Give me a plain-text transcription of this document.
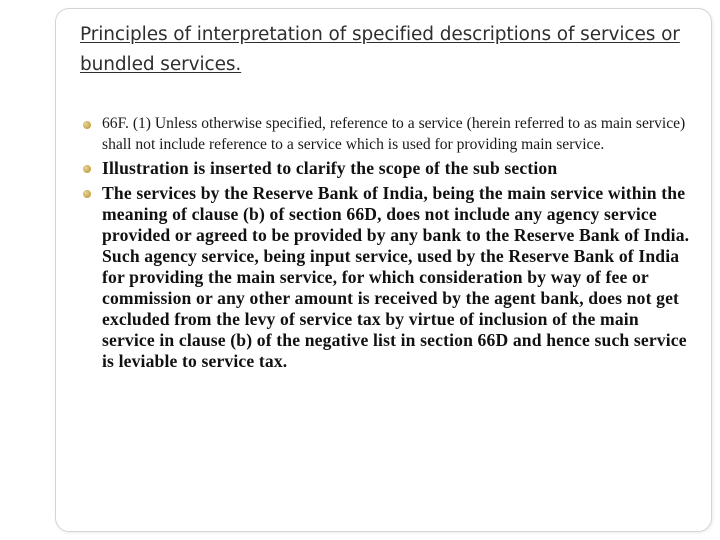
Principles of interpretation of specified descriptions of services or bundled services.
66F. (1) Unless otherwise specified, reference to a service (herein referred to as main service) shall not include reference to a service which is used for providing main service.
Illustration is inserted to clarify the scope of the sub section
The services by the Reserve Bank of India, being the main service within the meaning of clause (b) of section 66D, does not include any agency service provided or agreed to be provided by any bank to the Reserve Bank of India. Such agency service, being input service, used by the Reserve Bank of India for providing the main service, for which consideration by way of fee or commission or any other amount is received by the agent bank, does not get excluded from the levy of service tax by virtue of inclusion of the main service in clause (b) of the negative list in section 66D and hence such service is leviable to service tax.
